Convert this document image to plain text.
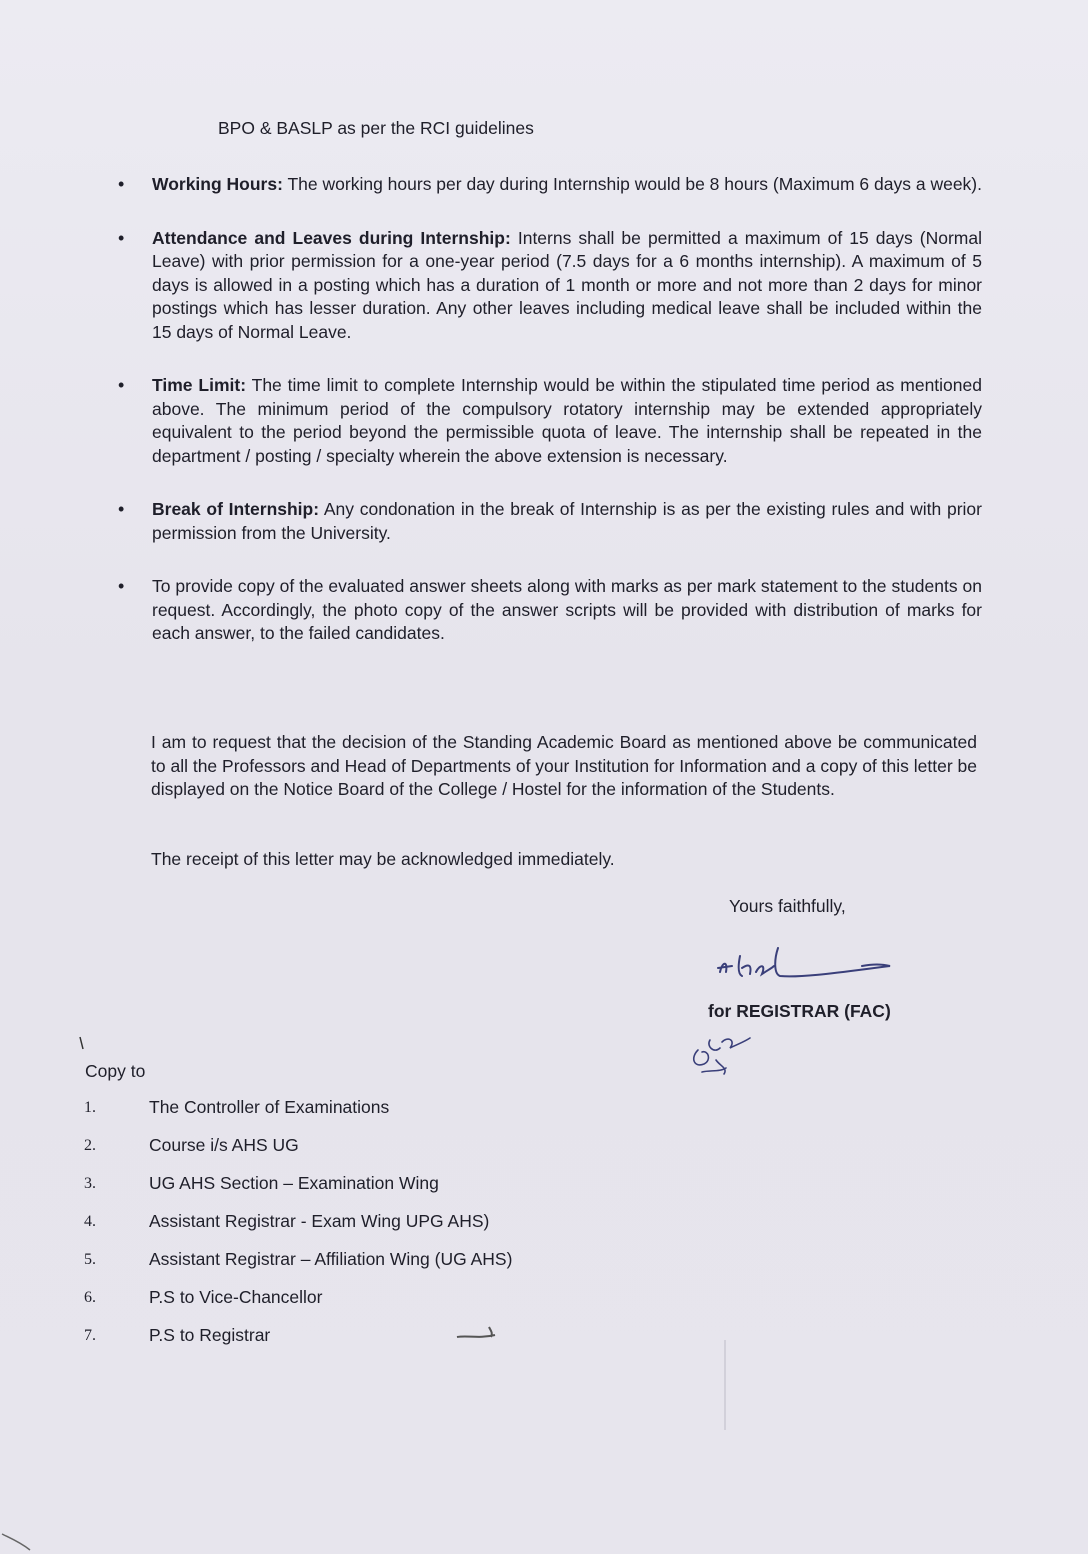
BPO & BASLP as per the RCI guidelines
•	Working Hours: The working hours per day during Internship would be 8 hours (Maximum 6 days a week).
•	Attendance and Leaves during Internship: Interns shall be permitted a maximum of 15 days (Normal Leave) with prior permission for a one-year period (7.5 days for a 6 months internship). A maximum of 5 days is allowed in a posting which has a duration of 1 month or more and not more than 2 days for minor postings which has lesser duration. Any other leaves including medical leave shall be included within the 15 days of Normal Leave.
•	Time Limit: The time limit to complete Internship would be within the stipulated time period as mentioned above. The minimum period of the compulsory rotatory internship may be extended appropriately equivalent to the period beyond the permissible quota of leave. The internship shall be repeated in the department / posting / specialty wherein the above extension is necessary.
•	Break of Internship: Any condonation in the break of Internship is as per the existing rules and with prior permission from the University.
•	To provide copy of the evaluated answer sheets along with marks as per mark statement to the students on request. Accordingly, the photo copy of the answer scripts will be provided with distribution of marks for each answer, to the failed candidates.
I am to request that the decision of the Standing Academic Board as mentioned above be communicated to all the Professors and Head of Departments of your Institution for Information and a copy of this letter be displayed on the Notice Board of the College / Hostel for the information of the Students.
The receipt of this letter may be acknowledged immediately.
Yours faithfully,
for REGISTRAR (FAC)
Copy to
1.	The Controller of Examinations
2.	Course i/s AHS UG
3.	UG AHS Section – Examination Wing
4.	Assistant Registrar - Exam Wing UPG AHS)
5.	Assistant Registrar – Affiliation Wing (UG AHS)
6.	P.S to Vice-Chancellor
7.	P.S to Registrar
